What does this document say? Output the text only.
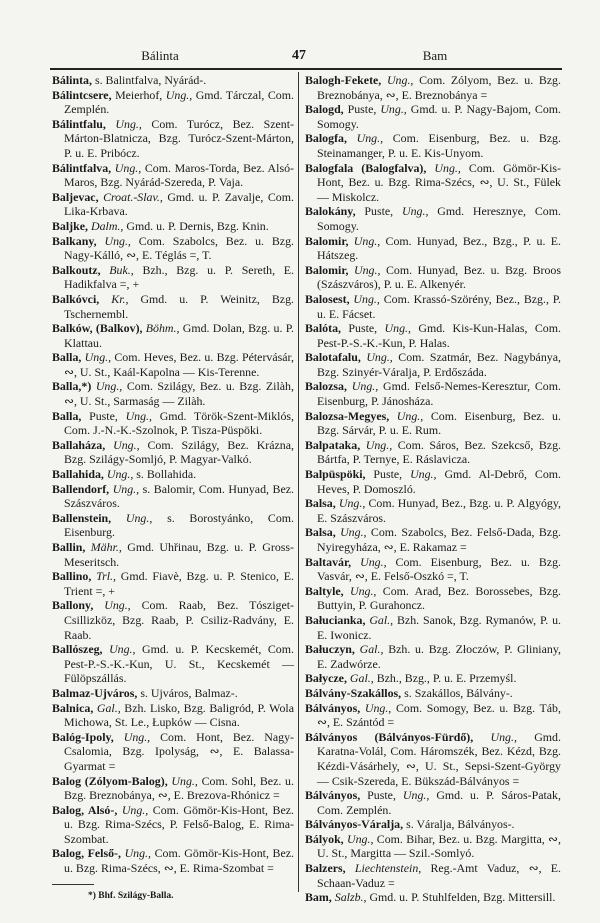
Bálinta	47	Bam
Bálinta, s. Balintfalva, Nyárád-.
Bálintcsere, Meierhof, Ung., Gmd. Tárczal, Com. Zemplén.
Bálintfalu, Ung., Com. Turócz, Bez. Szent-Márton-Blatnicza, Bzg. Turócz-Szent-Márton, P. u. E. Pribócz.
Bálintfalva, Ung., Com. Maros-Torda, Bez. Alsó-Maros, Bzg. Nyárád-Szereda, P. Vaja.
Baljevac, Croat.-Slav., Gmd. u. P. Zavalje, Com. Lika-Krbava.
Baljke, Dalm., Gmd. u. P. Dernis, Bzg. Knin.
Balkany, Ung., Com. Szabolcs, Bez. u. Bzg. Nagy-Kálló, ∾, E. Téglás =, T.
Balkoutz, Buk., Bzh., Bzg. u. P. Sereth, E. Hadikfalva =, +
Balkóvci, Kr., Gmd. u. P. Weinitz, Bzg. Tschernembl.
Balków, (Balkov), Böhm., Gmd. Dolan, Bzg. u. P. Klattau.
Balla, Ung., Com. Heves, Bez. u. Bzg. Pétervásár, ∾, U. St., Kaál-Kapolna — Kis-Terenne.
Balla,*) Ung., Com. Szilágy, Bez. u. Bzg. Zilàh, ∾, U. St., Sarmaság — Zilàh.
Balla, Puste, Ung., Gmd. Török-Szent-Miklós, Com. J.-N.-K.-Szolnok, P. Tisza-Püspöki.
Ballaháza, Ung., Com. Szilágy, Bez. Krázna, Bzg. Szilágy-Somljó, P. Magyar-Valkó.
Ballahida, Ung., s. Bollahida.
Ballendorf, Ung., s. Balomir, Com. Hunyad, Bez. Szászváros.
Ballenstein, Ung., s. Borostyánko, Com. Eisenburg.
Ballin, Mähr., Gmd. Uhřinau, Bzg. u. P. Gross-Meseritsch.
Ballino, Trl., Gmd. Fiavè, Bzg. u. P. Stenico, E. Trient =, +
Ballony, Ung., Com. Raab, Bez. Tósziget-Csillizköz, Bzg. Raab, P. Csiliz-Radvány, E. Raab.
Ballószeg, Ung., Gmd. u. P. Kecskemét, Com. Pest-P.-S.-K.-Kun, U. St., Kecskemét — Fülöpszállás.
Balmaz-Ujváros, s. Ujváros, Balmaz-.
Balnica, Gal., Bzh. Lisko, Bzg. Baligród, P. Wola Michowa, St. Le., Łupków — Cisna.
Balóg-Ipoly, Ung., Com. Hont, Bez. Nagy-Csalomia, Bzg. Ipolyság, ∾, E. Balassa-Gyarmat =
Balog (Zólyom-Balog), Ung., Com. Sohl, Bez. u. Bzg. Breznobánya, ∾, E. Brezova-Rhónicz =
Balog, Alsó-, Ung., Com. Gömör-Kis-Hont, Bez. u. Bzg. Rima-Szécs, P. Felső-Balog, E. Rima-Szombat.
Balog, Felső-, Ung., Com. Gömör-Kis-Hont, Bez. u. Bzg. Rima-Szécs, ∾, E. Rima-Szombat =
*) Bhf. Szilágy-Balla.
Balogh-Fekete, Ung., Com. Zólyom, Bez. u. Bzg. Breznobánya, ∾, E. Breznobánya =
Balogd, Puste, Ung., Gmd. u. P. Nagy-Bajom, Com. Somogy.
Balogfa, Ung., Com. Eisenburg, Bez. u. Bzg. Steinamanger, P. u. E. Kis-Unyom.
Balogfala (Balogfalva), Ung., Com. Gömör-Kis-Hont, Bez. u. Bzg. Rima-Szécs, ∾, U. St., Fülek — Miskolcz.
Balokány, Puste, Ung., Gmd. Heresznye, Com. Somogy.
Balomir, Ung., Com. Hunyad, Bez., Bzg., P. u. E. Hátszeg.
Balomir, Ung., Com. Hunyad, Bez. u. Bzg. Broos (Szászváros), P. u. E. Alkenyér.
Balosest, Ung., Com. Krassó-Szörény, Bez., Bzg., P. u. E. Fácset.
Balóta, Puste, Ung., Gmd. Kis-Kun-Halas, Com. Pest-P.-S.-K.-Kun, P. Halas.
Balotafalu, Ung., Com. Szatmár, Bez. Nagybánya, Bzg. Szinyér-Váralja, P. Erdőszáda.
Balozsa, Ung., Gmd. Felső-Nemes-Keresztur, Com. Eisenburg, P. Jánosháza.
Balozsa-Megyes, Ung., Com. Eisenburg, Bez. u. Bzg. Sárvár, P. u. E. Rum.
Balpataka, Ung., Com. Sáros, Bez. Szekcső, Bzg. Bártfa, P. Ternye, E. Ráslavicza.
Balpüspöki, Puste, Ung., Gmd. Al-Debrő, Com. Heves, P. Domoszló.
Balsa, Ung., Com. Hunyad, Bez., Bzg. u. P. Algyógy, E. Szászváros.
Balsa, Ung., Com. Szabolcs, Bez. Felső-Dada, Bzg. Nyiregyháza, ∾, E. Rakamaz =
Baltavár, Ung., Com. Eisenburg, Bez. u. Bzg. Vasvár, ∾, E. Felső-Oszkó =, T.
Baltyle, Ung., Com. Arad, Bez. Borossebes, Bzg. Buttyin, P. Gurahoncz.
Bałucianka, Gal., Bzh. Sanok, Bzg. Rymanów, P. u. E. Iwonicz.
Bałuczyn, Gal., Bzh. u. Bzg. Złoczów, P. Gliniany, E. Zadwórze.
Bałycze, Gal., Bzh., Bzg., P. u. E. Przemyśl.
Bálvány-Szakállos, s. Szakállos, Bálvány-.
Bálványos, Ung., Com. Somogy, Bez. u. Bzg. Táb, ∾, E. Szántód =
Bálványos (Bálványos-Fürdő), Ung., Gmd. Karatna-Volál, Com. Háromszék, Bez. Kézd, Bzg. Kézdi-Vásárhely, ∾, U. St., Sepsi-Szent-György — Csik-Szereda, E. Bükszád-Bálványos =
Bálványos, Puste, Ung., Gmd. u. P. Sáros-Patak, Com. Zemplén.
Bálványos-Váralja, s. Váralja, Bálványos-.
Bályok, Ung., Com. Bihar, Bez. u. Bzg. Margitta, ∾, U. St., Margitta — Szil.-Somlyó.
Balzers, Liechtenstein, Reg.-Amt Vaduz, ∾, E. Schaan-Vaduz =
Bam, Salzb., Gmd. u. P. Stuhlfelden, Bzg. Mittersill.
